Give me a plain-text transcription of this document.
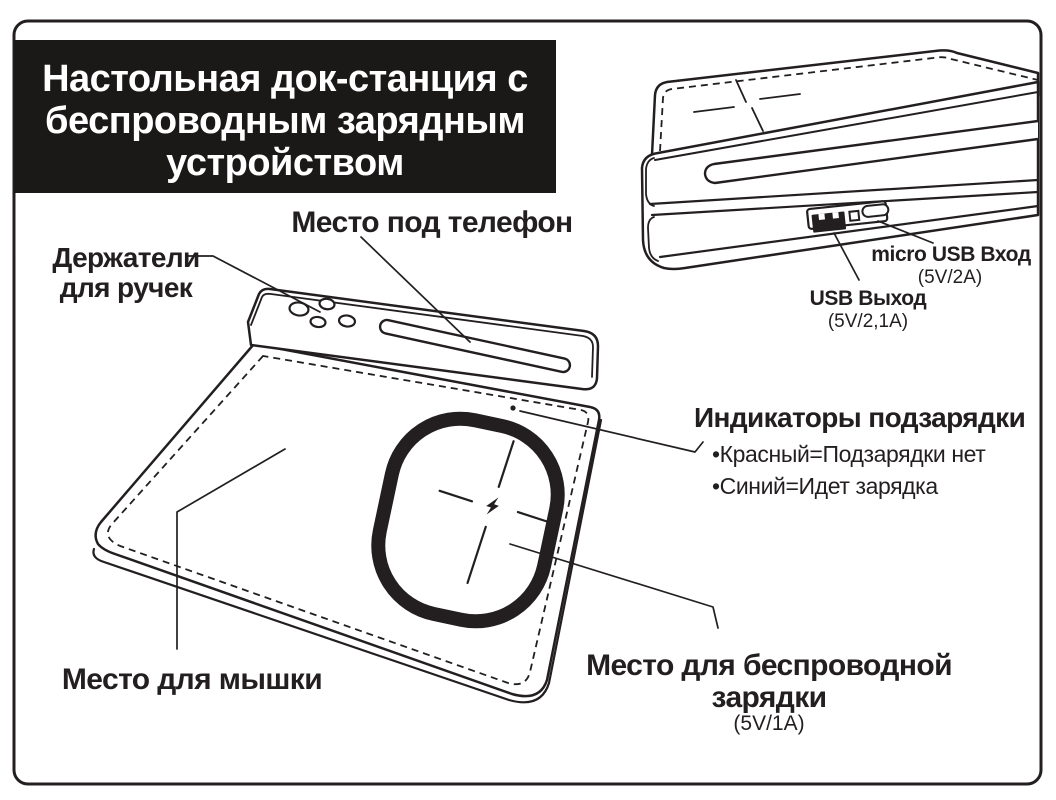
Настольная док-станция с
беспроводным зарядным
устройством
micro USB Вход
(5V/2A)
USB Выход
(5V/2,1A)
Место под телефон
Держатели
для ручек
Индикаторы подзарядки
•Красный=Подзарядки нет
•Синий=Идет зарядка
Место для мышки	Место для беспроводной
зарядки
(5V/1A)
